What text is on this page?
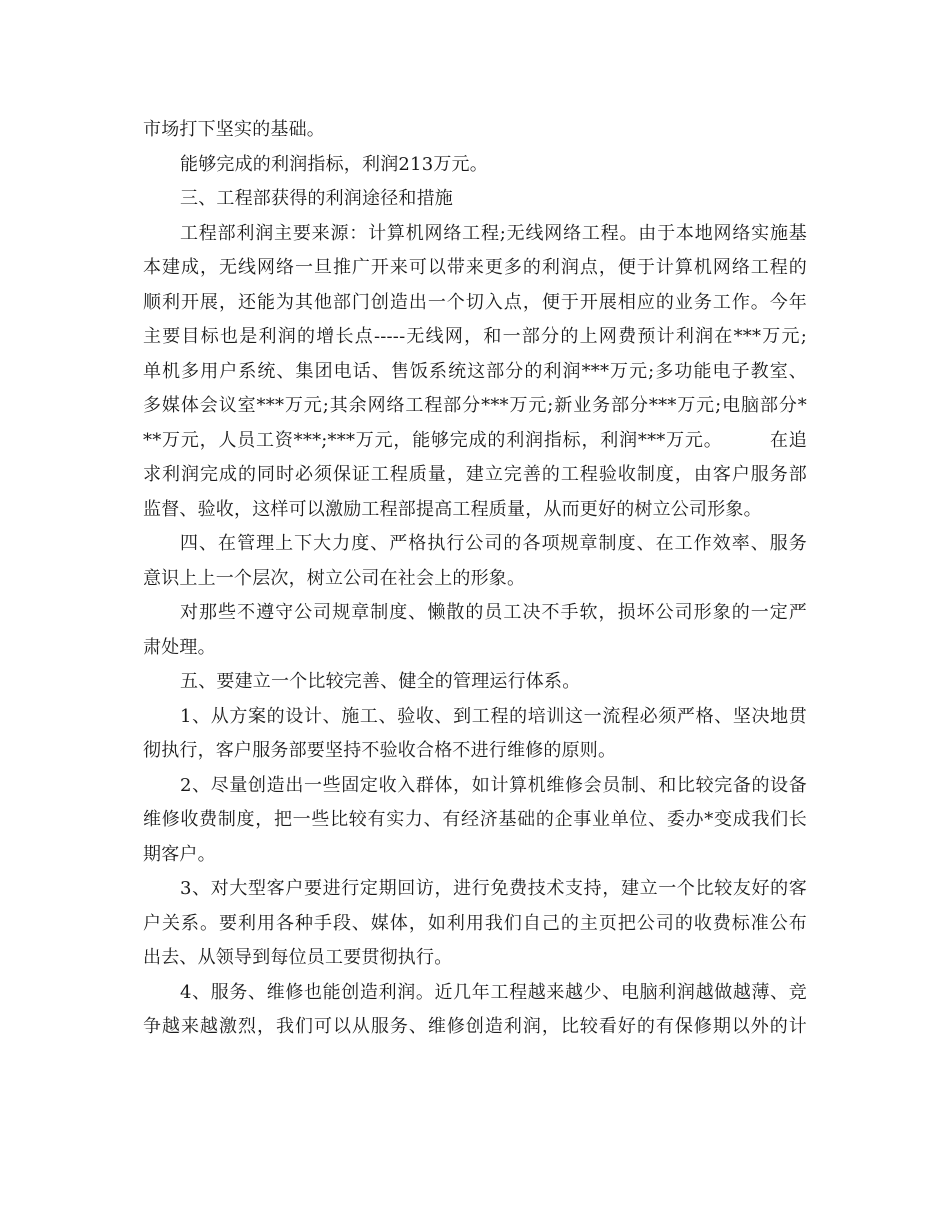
市场打下坚实的基础。
能够完成的利润指标，利润213万元。
三、工程部获得的利润途径和措施
工程部利润主要来源：计算机网络工程;无线网络工程。由于本地网络实施基
本建成，无线网络一旦推广开来可以带来更多的利润点，便于计算机网络工程的
顺利开展，还能为其他部门创造出一个切入点，便于开展相应的业务工作。今年
主要目标也是利润的增长点-----无线网，和一部分的上网费预计利润在***万元;
单机多用户系统、集团电话、售饭系统这部分的利润***万元;多功能电子教室、
多媒体会议室***万元;其余网络工程部分***万元;新业务部分***万元;电脑部分*
**万元，人员工资***;***万元，能够完成的利润指标，利润***万元。　　　在追
求利润完成的同时必须保证工程质量，建立完善的工程验收制度，由客户服务部
监督、验收，这样可以激励工程部提高工程质量，从而更好的树立公司形象。
四、在管理上下大力度、严格执行公司的各项规章制度、在工作效率、服务
意识上上一个层次，树立公司在社会上的形象。
对那些不遵守公司规章制度、懒散的员工决不手软，损坏公司形象的一定严
肃处理。
五、要建立一个比较完善、健全的管理运行体系。
1、从方案的设计、施工、验收、到工程的培训这一流程必须严格、坚决地贯
彻执行，客户服务部要坚持不验收合格不进行维修的原则。
2、尽量创造出一些固定收入群体，如计算机维修会员制、和比较完备的设备
维修收费制度，把一些比较有实力、有经济基础的企事业单位、委办*变成我们长
期客户。
3、对大型客户要进行定期回访，进行免费技术支持，建立一个比较友好的客
户关系。要利用各种手段、媒体，如利用我们自己的主页把公司的收费标准公布
出去、从领导到每位员工要贯彻执行。
4、服务、维修也能创造利润。近几年工程越来越少、电脑利润越做越薄、竞
争越来越激烈，我们可以从服务、维修创造利润，比较看好的有保修期以外的计
